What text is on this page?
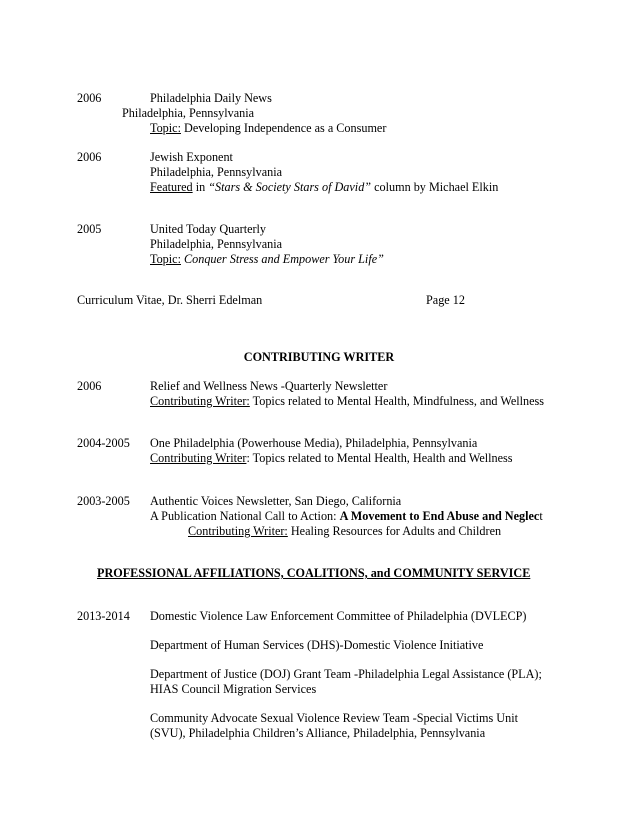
2006	Philadelphia Daily News
Philadelphia, Pennsylvania
Topic: Developing Independence as a Consumer
2006	Jewish Exponent
Philadelphia, Pennsylvania
Featured in “Stars & Society Stars of David” column by Michael Elkin
2005	United Today Quarterly
Philadelphia, Pennsylvania
Topic: Conquer Stress and Empower Your Life”
Curriculum Vitae, Dr. Sherri Edelman	Page 12
CONTRIBUTING WRITER
2006	Relief and Wellness News -Quarterly Newsletter
Contributing Writer: Topics related to Mental Health, Mindfulness, and Wellness
2004-2005 One Philadelphia (Powerhouse Media), Philadelphia, Pennsylvania
Contributing Writer: Topics related to Mental Health, Health and Wellness
2003-2005 Authentic Voices Newsletter, San Diego, California
A Publication National Call to Action: A Movement to End Abuse and Neglect
Contributing Writer: Healing Resources for Adults and Children
PROFESSIONAL AFFILIATIONS, COALITIONS, and COMMUNITY SERVICE
2013-2014 Domestic Violence Law Enforcement Committee of Philadelphia (DVLECP)
Department of Human Services (DHS)-Domestic Violence Initiative
Department of Justice (DOJ) Grant Team -Philadelphia Legal Assistance (PLA);
HIAS Council Migration Services
Community Advocate Sexual Violence Review Team -Special Victims Unit
(SVU), Philadelphia Children’s Alliance, Philadelphia, Pennsylvania
